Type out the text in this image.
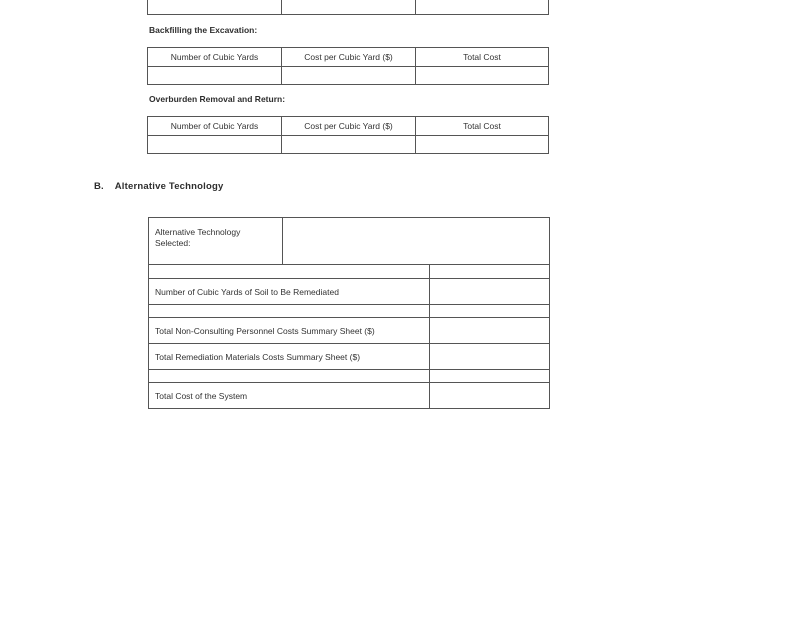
Backfilling the Excavation:
Number of Cubic Yards	Cost per Cubic Yard ($)	Total Cost

Overburden Removal and Return:
Number of Cubic Yards	Cost per Cubic Yard ($)	Total Cost

B. Alternative Technology
Alternative Technology Selected:

Number of Cubic Yards of Soil to Be Remediated	

Total Non-Consulting Personnel Costs Summary Sheet ($)	
Total Remediation Materials Costs Summary Sheet ($)	

Total Cost of the System	
